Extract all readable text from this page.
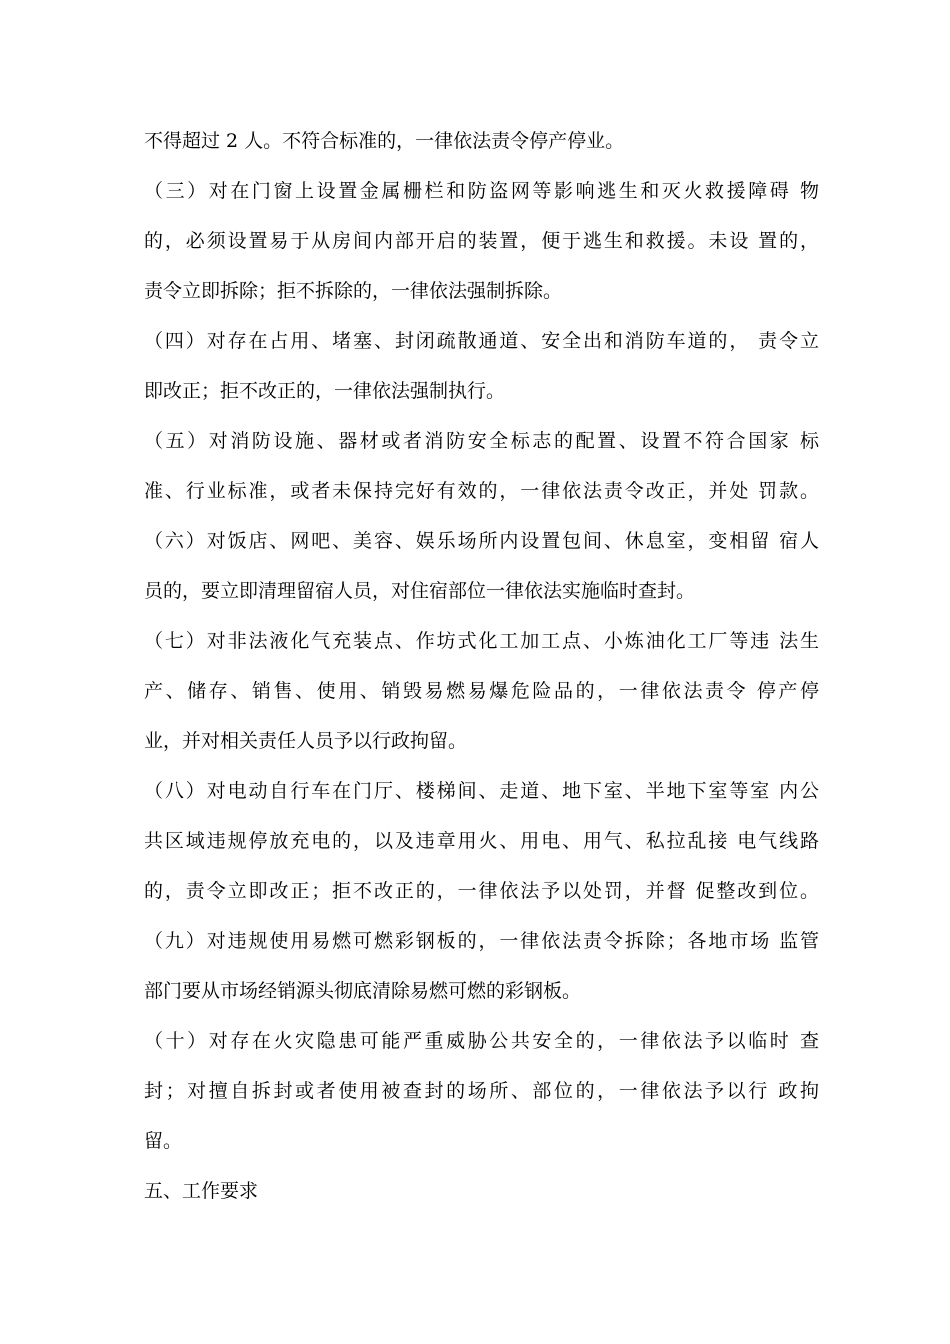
不得超过 2 人。不符合标准的，一律依法责令停产停业。
（三）对在门窗上设置金属栅栏和防盗网等影响逃生和灭火救援障碍 物
的，必须设置易于从房间内部开启的装置，便于逃生和救援。未设 置的，
责令立即拆除；拒不拆除的，一律依法强制拆除。
（四）对存在占用、堵塞、封闭疏散通道、安全出和消防车道的， 责令立
即改正；拒不改正的，一律依法强制执行。
（五）对消防设施、器材或者消防安全标志的配置、设置不符合国家 标
准、行业标准，或者未保持完好有效的，一律依法责令改正，并处 罚款。
（六）对饭店、网吧、美容、娱乐场所内设置包间、休息室，变相留 宿人
员的，要立即清理留宿人员，对住宿部位一律依法实施临时查封。
（七）对非法液化气充装点、作坊式化工加工点、小炼油化工厂等违 法生
产、储存、销售、使用、销毁易燃易爆危险品的，一律依法责令 停产停
业，并对相关责任人员予以行政拘留。
（八）对电动自行车在门厅、楼梯间、走道、地下室、半地下室等室 内公
共区域违规停放充电的，以及违章用火、用电、用气、私拉乱接 电气线路
的，责令立即改正；拒不改正的，一律依法予以处罚，并督 促整改到位。
（九）对违规使用易燃可燃彩钢板的，一律依法责令拆除；各地市场 监管
部门要从市场经销源头彻底清除易燃可燃的彩钢板。
（十）对存在火灾隐患可能严重威胁公共安全的，一律依法予以临时 查
封；对擅自拆封或者使用被查封的场所、部位的，一律依法予以行 政拘
留。
五、工作要求
